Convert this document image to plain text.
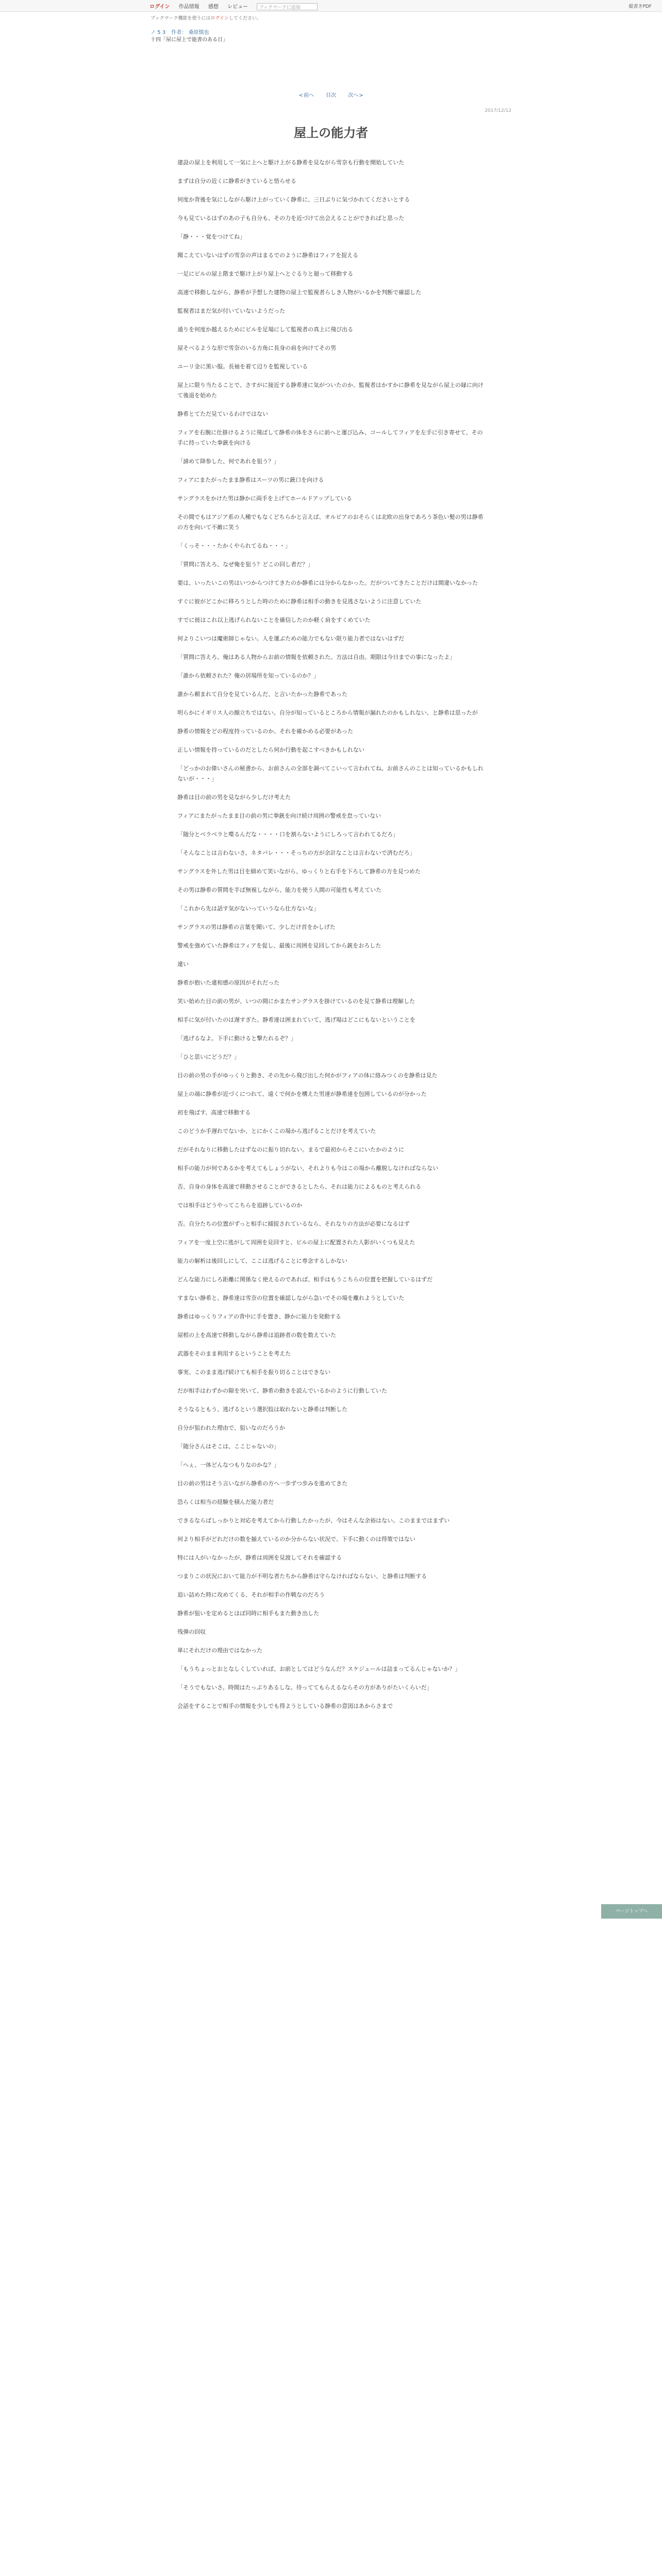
ログイン 作品情報 感想 レビュー ブックマークに追加	縦書きPDF
ブックマーク機能を使うにはログインしてください。
ノ 5 3 作者： 桑原慎也
十四「屋に屋上で能書のある日」
<前へ 目次 次へ>
2017/12/12
屋上の能力者

建設の屋上を利用して一気に上へと駆け上がる静希を見ながら雪奈も行動を開始していた

まずは自分の近くに静希がきていると悟らせる

何度か背後を気にしながら駆け上がっていく静希に、三日ぶりに気づかれてくださいとする

今も見ているはずのあの子も自分も、その力を近づけて出会えることができればと思った

「静・・・覚をつけてね」

聞こえていないはずの雪奈の声はまるでのように静希はフィアを捉える

一足にビルの屋上階まで駆け上がり屋上へとぐるりと廻って移動する

高速で移動しながら、静希が予想した建物の屋上で監視者らしき人物がいるかを判断で確認した

監視者はまだ気が付いていないようだった

通りを何度か越えるためにビルを足場にして監視者の真上に飛び出る

屋そべるような形で雪奈のいる方角に長身の肩を向けてその男

ユーリ金に黒い服。長袖を着て辺りを監視している

屋上に限り当たることで、さすがに接近する静希達に気がついたのか、監視者はかすかに静希を見ながら屋上の縁に向けて後退を始めた

静希とてただ見ているわけではない

フィアを右腕に仕掛けるように飛ばして静希の体をさらに前へと運び込み、コールしてフィアを左手に引き寄せて、その手に持っていた拳銃を向ける

「諦めて降参した、何であれを狙う？」

フィアにまたがったまま静希はスーツの男に銃口を向ける

サングラスをかけた男は静かに両手を上げてホールドアップしている

その間でもはアジア系の人種でもなくどちらかと言えば、オルピアのおそらくは北欧の出身であろう茶色い髪の男は静希の方を向いて不敵に笑う

「くっそ・・・たかくやられてるね・・・」

「質問に答えろ、なぜ俺を狙う？どこの回し者だ？」

要は、いったいこの男はいつからつけてきたのか静希には分からなかった。だがついてきたことだけは間違いなかった

すぐに彼がどこかに移ろうとした時のために静希は相手の動きを見逃さないように注意していた

すでに彼はこれ以上逃げられないことを確信したのか軽く肩をすくめていた

何よりこいつは魔術師じゃない。人を運ぶための能力でもない限り能力者ではないはずだ

「質問に答えろ、俺はある人物からお前の情報を依頼された。方法は自由。期限は今日までの事になったよ」

「誰から依頼された？俺の居場所を知っているのか？」

誰から頼まれて自分を見ているんだ、と言いたかった静希であった

明らかにイギリス人の顔立ちではない。自分が知っているところから情報が漏れたのかもしれない、と静希は思ったが

静希の情報をどの程度持っているのか、それを確かめる必要があった

正しい情報を持っているのだとしたら何か行動を起こすべきかもしれない

「どっかのお偉いさんの秘書から、お前さんの全部を調べてこいって言われてね。お前さんのことは知っているかもしれないが・・・」

静希は目の前の男を見ながら少しだけ考えた

フィアにまたがったまま目の前の男に拳銃を向け続け周囲の警戒を怠っていない

「随分とベラベラと喋るんだな・・・・口を割らないようにしろって言われてるだろ」

「そんなことは言わないさ。ネタバレ・・・そっちの方が余計なことは言わないで済むだろ」

サングラスを外した男は目を細めて笑いながら、ゆっくりと右手を下ろして静希の方を見つめた

その男は静希の質問を半ば無視しながら、能力を使う人間の可能性も考えていた

「これから先は話す気がないっていうなら仕方ないな」

サングラスの男は静希の言葉を聞いて、少しだけ首をかしげた

警戒を強めていた静希はフィアを促し、最後に周囲を見回してから銃をおろした

違い

静希が抱いた違和感の原因がそれだった

笑い始めた目の前の男が、いつの間にかまたサングラスを掛けているのを見て静希は理解した

相手に気が付いたのは遅すぎた。静希達は囲まれていて、逃げ場はどこにもないということを

「逃げるなよ。下手に動けると撃たれるぞ？」

「ひと思いにどうだ？」

目の前の男の手がゆっくりと動き、その先から飛び出した何かがフィアの体に絡みつくのを静希は見た

屋上の端に静希が近づくにつれて、遠くで何かを構えた男達が静希達を包囲しているのが分かった

初を飛ばす、高速で移動する

このどうか手遅れでないか、とにかくこの場から逃げることだけを考えていた

だがそれなりに移動したはずなのに振り切れない。まるで最初からそこにいたかのように

相手の能力が何であるかを考えてもしょうがない、それよりも今はこの場から離脱しなければならない

否、自身の身体を高速で移動させることができるとしたら、それは能力によるものと考えられる

では相手はどうやってこちらを追跡しているのか

否。自分たちの位置がずっと相手に捕捉されているなら、それなりの方法が必要になるはず

フィアを一度上空に逃がして周囲を見回すと、ビルの屋上に配置された人影がいくつも見えた

能力の解析は後回しにして、ここは逃げることに専念するしかない

どんな能力にしろ距離に関係なく使えるのであれば、相手はもうこちらの位置を把握しているはずだ

すまない静希と、静希達は雪奈の位置を確認しながら急いでその場を離れようとしていた

静希はゆっくりフィアの背中に手を置き、静かに能力を発動する

屋根の上を高速で移動しながら静希は追跡者の数を数えていた

武器をそのまま利用するということを考えた

事実、このまま逃げ続けても相手を振り切ることはできない

だが相手はわずかの隙を突いて、静希の動きを読んでいるかのように行動していた

そうなるともう、逃げるという選択肢は取れないと静希は判断した

自分が狙われた理由で、狙いなのだろうか

「随分さんはそこは、ここじゃないの」

「へぇ、一体どんなつもりなのかな？」

目の前の男はそう言いながら静希の方へ一歩ずつ歩みを進めてきた

恐らくは相当の経験を積んだ能力者だ

できるならばしっかりと対応を考えてから行動したかったが、今はそんな余裕はない。このままではまずい

何より相手がどれだけの数を揃えているのか分からない状況で、下手に動くのは得策ではない

特には人がいなかったが、静希は周囲を見渡してそれを確認する

つまりこの状況において能力が不明な者たちから静希は守らなければならない、と静希は判断する

追い詰めた時に攻めてくる、それが相手の作戦なのだろう

静希が狙いを定めるとほぼ同時に相手もまた動き出した

残弾の回収

単にそれだけの理由ではなかった

「もうちょっとおとなしくしていれば、お前としてはどうなんだ？スケジュールは詰まってるんじゃないか？」

「そうでもないさ。時間はたっぷりあるしな。待っててもらえるならその方がありがたいくらいだ」

会話をすることで相手の情報を少しでも得ようとしている静希の意図はあからさまで

ページトップへ
